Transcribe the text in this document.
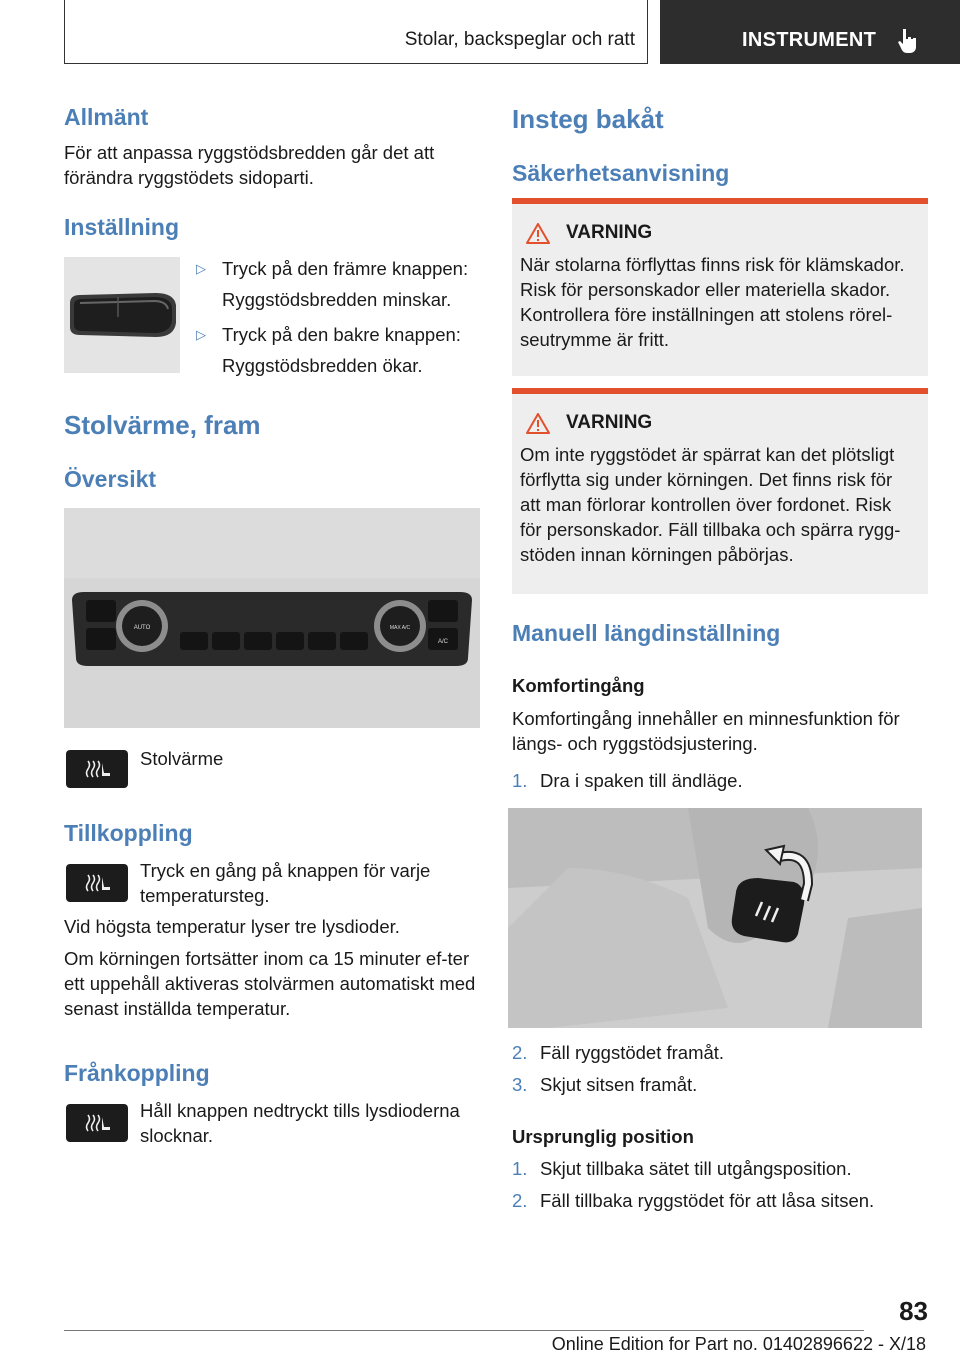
Stolar, backspeglar och ratt	INSTRUMENT
Allmänt
För att anpassa ryggstödsbredden går det att förändra ryggstödets sidoparti.
Inställning
▷ Tryck på den främre knappen:
Ryggstödsbredden minskar.
▷ Tryck på den bakre knappen:
Ryggstödsbredden ökar.
Stolvärme, fram
Översikt
AUTO	MAX A/C
A/C
Stolvärme
Tillkoppling
Tryck en gång på knappen för varje temperatursteg.
Vid högsta temperatur lyser tre lysdioder.
Om körningen fortsätter inom ca 15 minuter ef-ter ett uppehåll aktiveras stolvärmen automatiskt med senast inställda temperatur.
Frånkoppling
Håll knappen nedtryckt tills lysdioderna slocknar.
Insteg bakåt
Säkerhetsanvisning
VARNING
När stolarna förflyttas finns risk för klämskador. Risk för personskador eller materiella skador. Kontrollera före inställningen att stolens rörel-seutrymme är fritt.
VARNING
Om inte ryggstödet är spärrat kan det plötsligt förflytta sig under körningen. Det finns risk för att man förlorar kontrollen över fordonet. Risk för personskador. Fäll tillbaka och spärra rygg-stöden innan körningen påbörjas.
Manuell längdinställning
Komfortingång
Komfortingång innehåller en minnesfunktion för längs- och ryggstödsjustering.
1. Dra i spaken till ändläge.
2. Fäll ryggstödet framåt.
3. Skjut sitsen framåt.
Ursprunglig position
1. Skjut tillbaka sätet till utgångsposition.
2. Fäll tillbaka ryggstödet för att låsa sitsen.
83
Online Edition for Part no. 01402896622 - X/18
